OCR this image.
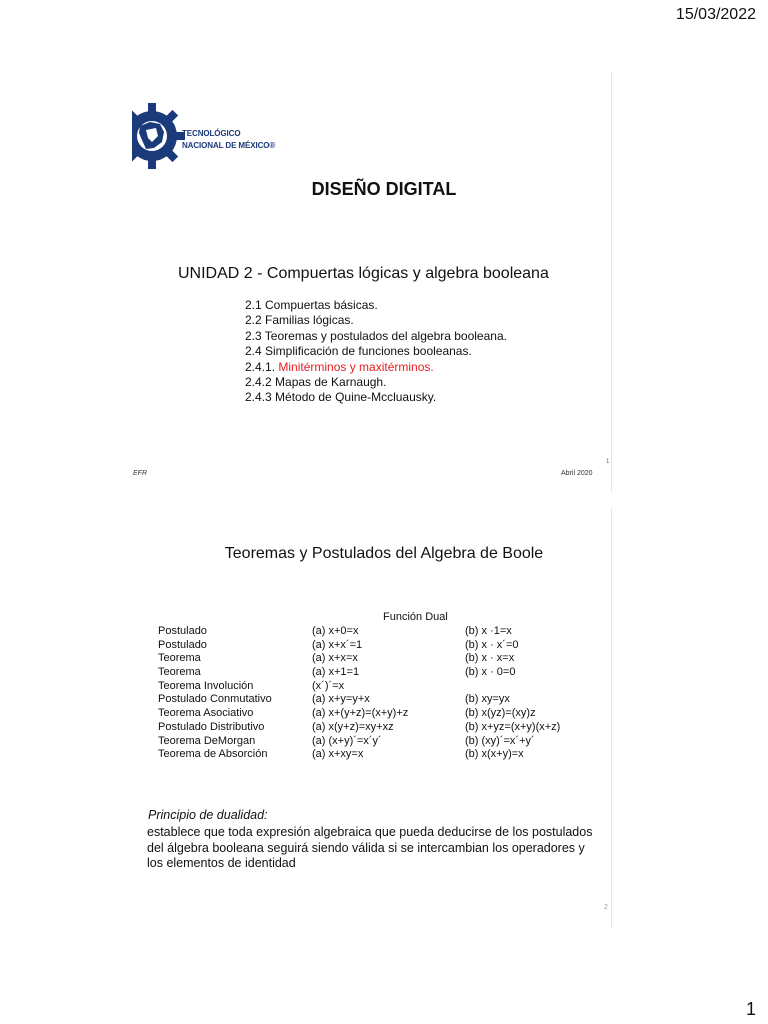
15/03/2022
TECNOLÓGICO
NACIONAL DE MÉXICO®
DISEÑO DIGITAL
UNIDAD 2 - Compuertas lógicas y algebra booleana
2.1 Compuertas básicas.
2.2 Familias lógicas.
2.3 Teoremas y postulados del algebra booleana.
2.4 Simplificación de funciones booleanas.
2.4.1. Minitérminos y maxitérminos.
2.4.2 Mapas de Karnaugh.
2.4.3 Método de Quine-Mccluausky.
EFR	Abril 2020
1
Teoremas y Postulados del Algebra de Boole
Función Dual
Postulado	(a) x+0=x	(b) x ·1=x
Postulado	(a) x+x´=1	(b) x · x´=0
Teorema	(a) x+x=x	(b) x · x=x
Teorema	(a) x+1=1	(b) x · 0=0
Teorema Involución	(x´)´=x
Postulado Conmutativo	(a) x+y=y+x	(b) xy=yx
Teorema Asociativo	(a) x+(y+z)=(x+y)+z	(b) x(yz)=(xy)z
Postulado Distributivo	(a) x(y+z)=xy+xz	(b) x+yz=(x+y)(x+z)
Teorema DeMorgan	(a) (x+y)´=x´y´	(b) (xy)´=x´+y´
Teorema de Absorción	(a) x+xy=x	(b) x(x+y)=x
Principio de dualidad:
establece que toda expresión algebraica que pueda deducirse de los postulados
del álgebra booleana seguirá siendo válida si se intercambian los operadores y
los elementos de identidad
2
1
